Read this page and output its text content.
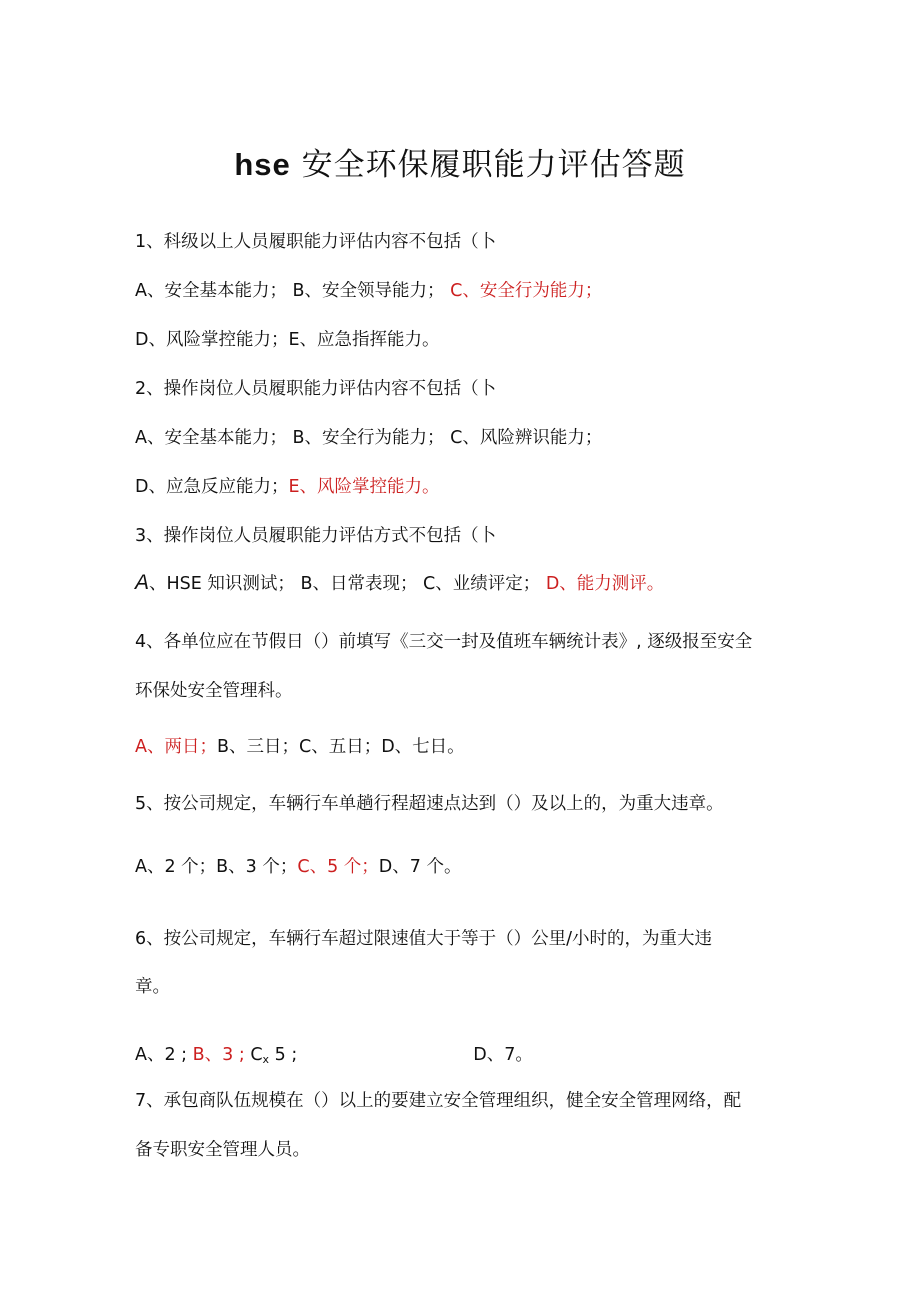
hse 安全环保履职能力评估答题
1、科级以上人员履职能力评估内容不包括（卜
A、安全基本能力； B、安全领导能力； C、安全行为能力；
D、风险掌控能力；E、应急指挥能力。
2、操作岗位人员履职能力评估内容不包括（卜
A、安全基本能力； B、安全行为能力； C、风险辨识能力；
D、应急反应能力；E、风险掌控能力。
3、操作岗位人员履职能力评估方式不包括（卜
A、HSE 知识测试； B、日常表现； C、业绩评定； D、能力测评。
4、各单位应在节假日（）前填写《三交一封及值班车辆统计表》, 逐级报至安全
环保处安全管理科。
A、两日；B、三日；C、五日；D、七日。
5、按公司规定，车辆行车单趟行程超速点达到（）及以上的，为重大违章。
A、2 个；B、3 个；C、5 个；D、7 个。
6、按公司规定，车辆行车超过限速值大于等于（）公里/小时的，为重大违
章。
A、2 ; B、3 ; $C_x$ 5 ;	D、7。
7、承包商队伍规模在（）以上的要建立安全管理组织，健全安全管理网络，配
备专职安全管理人员。
